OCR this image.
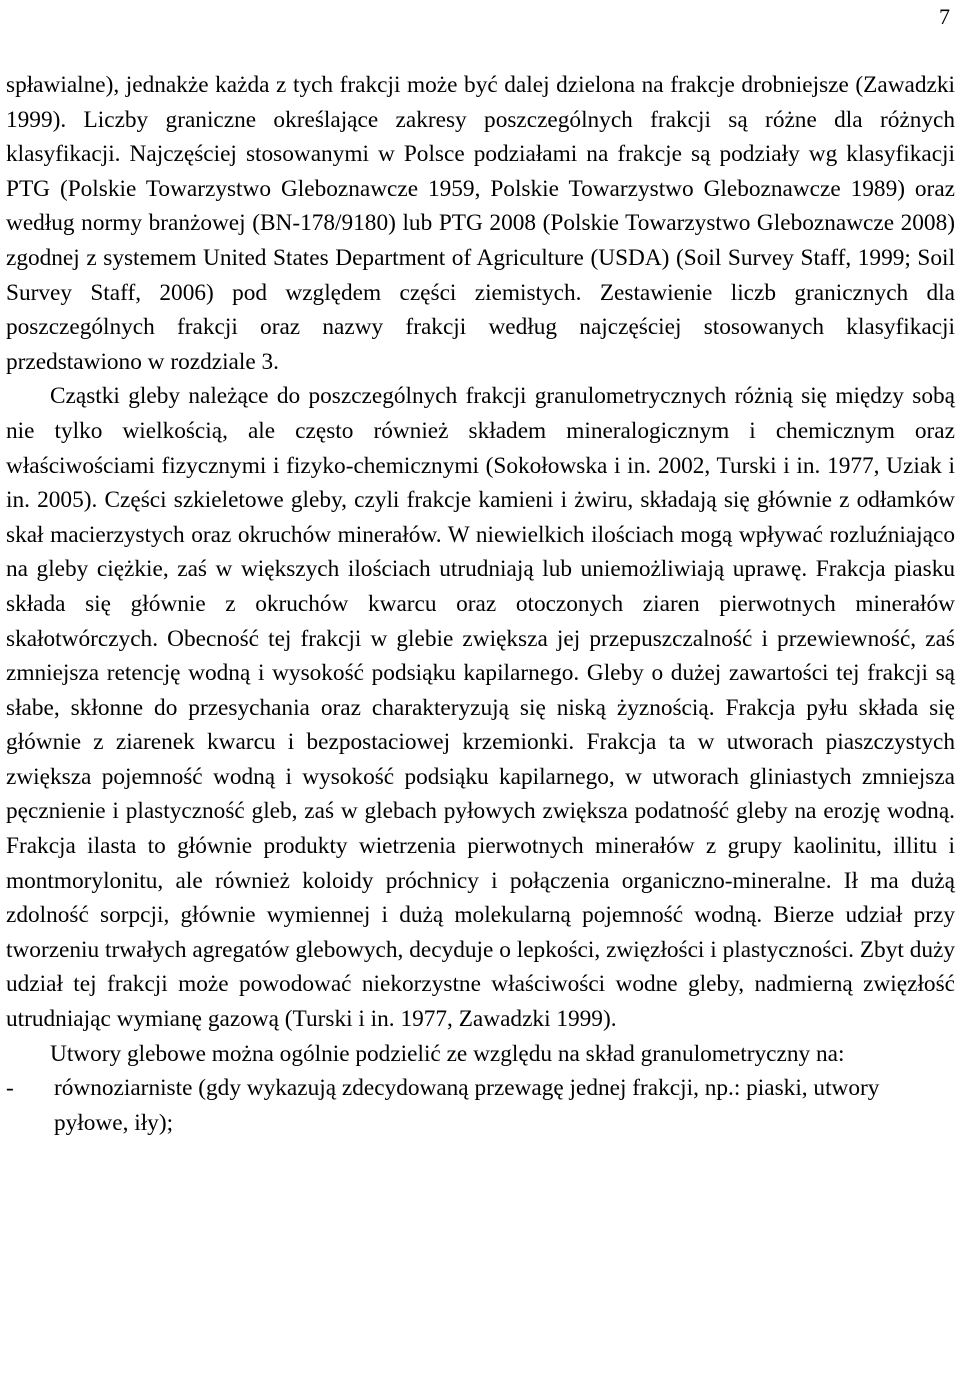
7

spławialne), jednakże każda z tych frakcji może być dalej dzielona na frakcje drobniejsze (Zawadzki 1999). Liczby graniczne określające zakresy poszczególnych frakcji są różne dla różnych klasyfikacji. Najczęściej stosowanymi w Polsce podziałami na frakcje są podziały wg klasyfikacji PTG (Polskie Towarzystwo Gleboznawcze 1959, Polskie Towarzystwo Gleboznawcze 1989) oraz według normy branżowej (BN-178/9180) lub PTG 2008 (Polskie Towarzystwo Gleboznawcze 2008) zgodnej z systemem United States Department of Agriculture (USDA) (Soil Survey Staff, 1999; Soil Survey Staff, 2006) pod względem części ziemistych. Zestawienie liczb granicznych dla poszczególnych frakcji oraz nazwy frakcji według najczęściej stosowanych klasyfikacji przedstawiono w rozdziale 3.

Cząstki gleby należące do poszczególnych frakcji granulometrycznych różnią się między sobą nie tylko wielkością, ale często również składem mineralogicznym i chemicznym oraz właściwościami fizycznymi i fizyko-chemicznymi (Sokołowska i in. 2002, Turski i in. 1977, Uziak i in. 2005). Części szkieletowe gleby, czyli frakcje kamieni i żwiru, składają się głównie z odłamków skał macierzystych oraz okruchów minerałów. W niewielkich ilościach mogą wpływać rozluźniająco na gleby ciężkie, zaś w większych ilościach utrudniają lub uniemożliwiają uprawę. Frakcja piasku składa się głównie z okruchów kwarcu oraz otoczonych ziaren pierwotnych minerałów skałotwórczych. Obecność tej frakcji w glebie zwiększa jej przepuszczalność i przewiewność, zaś zmniejsza retencję wodną i wysokość podsiąku kapilarnego. Gleby o dużej zawartości tej frakcji są słabe, skłonne do przesychania oraz charakteryzują się niską żyznością. Frakcja pyłu składa się głównie z ziarenek kwarcu i bezpostaciowej krzemionki. Frakcja ta w utworach piaszczystych zwiększa pojemność wodną i wysokość podsiąku kapilarnego, w utworach gliniastych zmniejsza pęcznienie i plastyczność gleb, zaś w glebach pyłowych zwiększa podatność gleby na erozję wodną. Frakcja ilasta to głównie produkty wietrzenia pierwotnych minerałów z grupy kaolinitu, illitu i montmorylonitu, ale również koloidy próchnicy i połączenia organiczno-mineralne. Ił ma dużą zdolność sorpcji, głównie wymiennej i dużą molekularną pojemność wodną. Bierze udział przy tworzeniu trwałych agregatów glebowych, decyduje o lepkości, zwięzłości i plastyczności. Zbyt duży udział tej frakcji może powodować niekorzystne właściwości wodne gleby, nadmierną zwięzłość utrudniając wymianę gazową (Turski i in. 1977, Zawadzki 1999).

Utwory glebowe można ogólnie podzielić ze względu na skład granulometryczny na:

- równoziarniste (gdy wykazują zdecydowaną przewagę jednej frakcji, np.: piaski, utwory pyłowe, iły);
